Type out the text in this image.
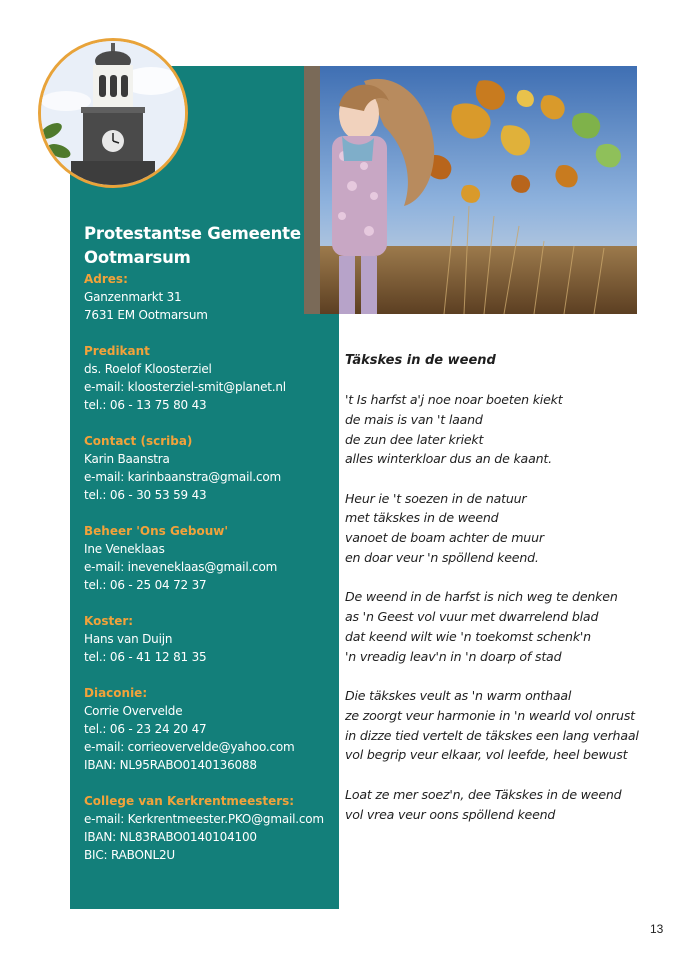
Protestantse Gemeente
Ootmarsum
Adres:
Ganzenmarkt 31
7631 EM Ootmarsum
Predikant
ds. Roelof Kloosterziel
e-mail: kloosterziel-smit@planet.nl
tel.: 06 - 13 75 80 43
Contact (scriba)
Karin Baanstra
e-mail: karinbaanstra@gmail.com
tel.: 06 - 30 53 59 43
Beheer 'Ons Gebouw'
Ine Veneklaas
e-mail: ineveneklaas@gmail.com
tel.: 06 - 25 04 72 37
Koster:
Hans van Duijn
tel.: 06 - 41 12 81 35
Diaconie:
Corrie Overvelde
tel.: 06 - 23 24 20 47
e-mail: corrieovervelde@yahoo.com
IBAN: NL95RABO0140136088
College van Kerkrentmeesters:
e-mail: Kerkrentmeester.PKO@gmail.com
IBAN: NL83RABO0140104100
BIC: RABONL2U
Täkskes in de weend
't Is harfst a'j noe noar boeten kiekt
de mais is van 't laand
de zun dee later kriekt
alles winterkloar dus an de kaant.
Heur ie 't soezen in de natuur
met täkskes in de weend
vanoet de boam achter de muur
en doar veur 'n spöllend keend.
De weend in de harfst is nich weg te denken
as 'n Geest vol vuur met dwarrelend blad
dat keend wilt wie 'n toekomst schenk'n
'n vreadig leav'n in 'n doarp of stad
Die täkskes veult as 'n warm onthaal
ze zoorgt veur harmonie in 'n wearld vol onrust
in dizze tied vertelt de täkskes een lang verhaal
vol begrip veur elkaar, vol leefde, heel bewust
Loat ze mer soez'n, dee Täkskes in de weend
vol vrea veur oons spöllend keend
13
